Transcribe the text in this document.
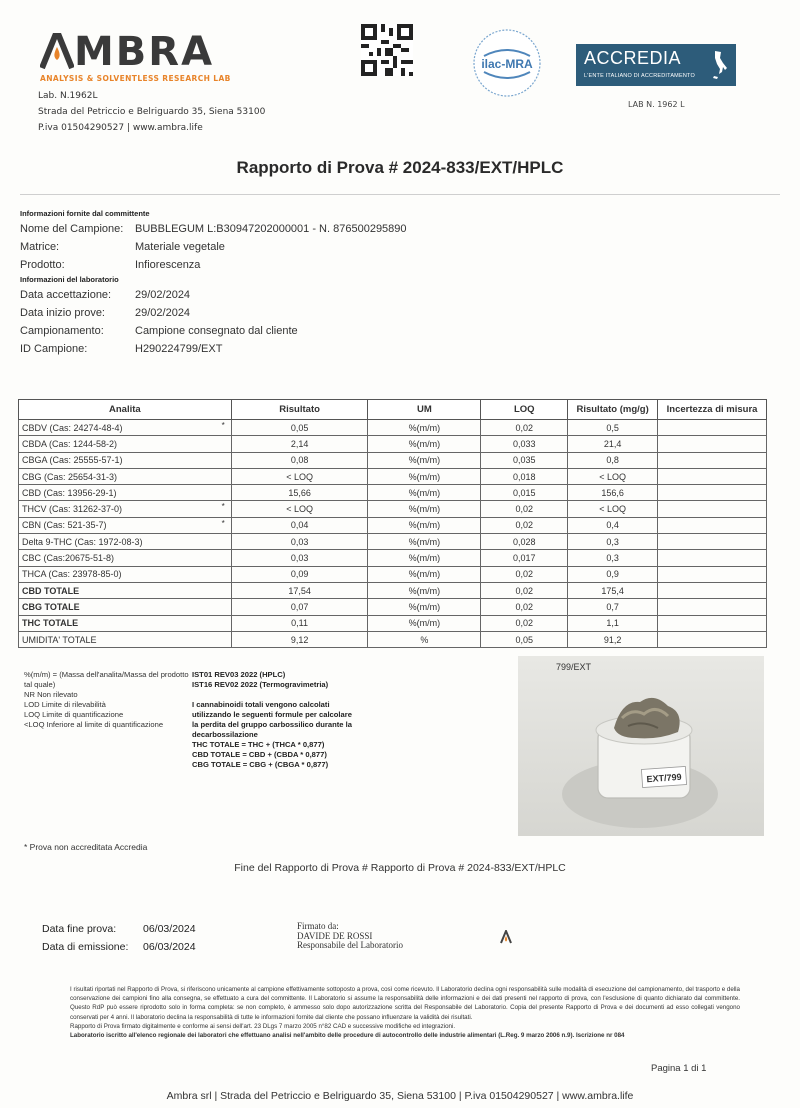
MBRA
ANALYSIS & SOLVENTLESS RESEARCH LAB
Lab. N.1962L
Strada del Petriccio e Belriguardo 35, Siena 53100
P.iva 01504290527 | www.ambra.life
ilac-MRA	ACCREDIA
L'ENTE ITALIANO DI ACCREDITAMENTO
LAB N. 1962 L
Rapporto di Prova # 2024-833/EXT/HPLC
Informazioni fornite dal committente
Nome del Campione:	BUBBLEGUM L:B30947202000001 - N. 876500295890
Matrice:	Materiale vegetale
Prodotto:	Infiorescenza
Informazioni del laboratorio
Data accettazione:	29/02/2024
Data inizio prove:	29/02/2024
Campionamento:	Campione consegnato dal cliente
ID Campione:	H290224799/EXT
Analita	Risultato	UM	LOQ	Risultato (mg/g)	Incertezza di misura
CBDV (Cas: 24274-48-4) *	0,05	%(m/m)	0,02	0,5	
CBDA (Cas: 1244-58-2)	2,14	%(m/m)	0,033	21,4	
CBGA (Cas: 25555-57-1)	0,08	%(m/m)	0,035	0,8	
CBG (Cas: 25654-31-3)	< LOQ	%(m/m)	0,018	< LOQ	
CBD (Cas: 13956-29-1)	15,66	%(m/m)	0,015	156,6	
THCV (Cas: 31262-37-0) *	< LOQ	%(m/m)	0,02	< LOQ	
CBN (Cas: 521-35-7) *	0,04	%(m/m)	0,02	0,4	
Delta 9-THC (Cas: 1972-08-3)	0,03	%(m/m)	0,028	0,3	
CBC (Cas:20675-51-8)	0,03	%(m/m)	0,017	0,3	
THCA (Cas: 23978-85-0)	0,09	%(m/m)	0,02	0,9	
CBD TOTALE	17,54	%(m/m)	0,02	175,4	
CBG TOTALE	0,07	%(m/m)	0,02	0,7	
THC TOTALE	0,11	%(m/m)	0,02	1,1	
UMIDITA' TOTALE	9,12	%	0,05	91,2	
%(m/m) = (Massa dell'analita/Massa del prodotto tal quale)
NR Non rilevato
LOD Limite di rilevabilità
LOQ Limite di quantificazione
<LOQ Inferiore al limite di quantificazione
IST01 REV03 2022 (HPLC)
IST16 REV02 2022 (Termogravimetria)
I cannabinoidi totali vengono calcolati utilizzando le seguenti formule per calcolare la perdita del gruppo carbossilico durante la decarbossilazione
THC TOTALE = THC + (THCA * 0,877)
CBD TOTALE = CBD + (CBDA * 0,877)
CBG TOTALE = CBG + (CBGA * 0,877)
799/EXT
EXT/799
* Prova non accreditata Accredia
Fine del Rapporto di Prova # Rapporto di Prova # 2024-833/EXT/HPLC
Data fine prova:	06/03/2024
Data di emissione:	06/03/2024
Firmato da:
DAVIDE DE ROSSI
Responsabile del Laboratorio
I risultati riportati nel Rapporto di Prova, si riferiscono unicamente al campione effettivamente sottoposto a prova, così come ricevuto. Il Laboratorio declina ogni responsabilità sulle modalità di esecuzione del campionamento, del trasporto e della conservazione dei campioni fino alla consegna, se effettuato a cura del committente. Il Laboratorio si assume la responsabilità delle informazioni e dei dati presenti nel rapporto di prova, con l'esclusione di quanto dichiarato dal committente. Questo RdP può essere riprodotto solo in forma completa: se non completo, è ammesso solo dopo autorizzazione scritta del Responsabile del Laboratorio. Copia del presente Rapporto di Prova e dei documenti ad esso collegati vengono conservati per 4 anni. Il laboratorio declina la responsabilità di tutte le informazioni fornite dal cliente che possano influenzare la validità dei risultati.
Rapporto di Prova firmato digitalmente e conforme ai sensi dell'art. 23 DLgs 7 marzo 2005 n°82 CAD e successive modifiche ed integrazioni.
Laboratorio iscritto all'elenco regionale dei laboratori che effettuano analisi nell'ambito delle procedure di autocontrollo delle industrie alimentari (L.Reg. 9 marzo 2006 n.9). Iscrizione nr 084
Pagina 1 di 1
Ambra srl | Strada del Petriccio e Belriguardo 35, Siena 53100 | P.iva 01504290527 | www.ambra.life
